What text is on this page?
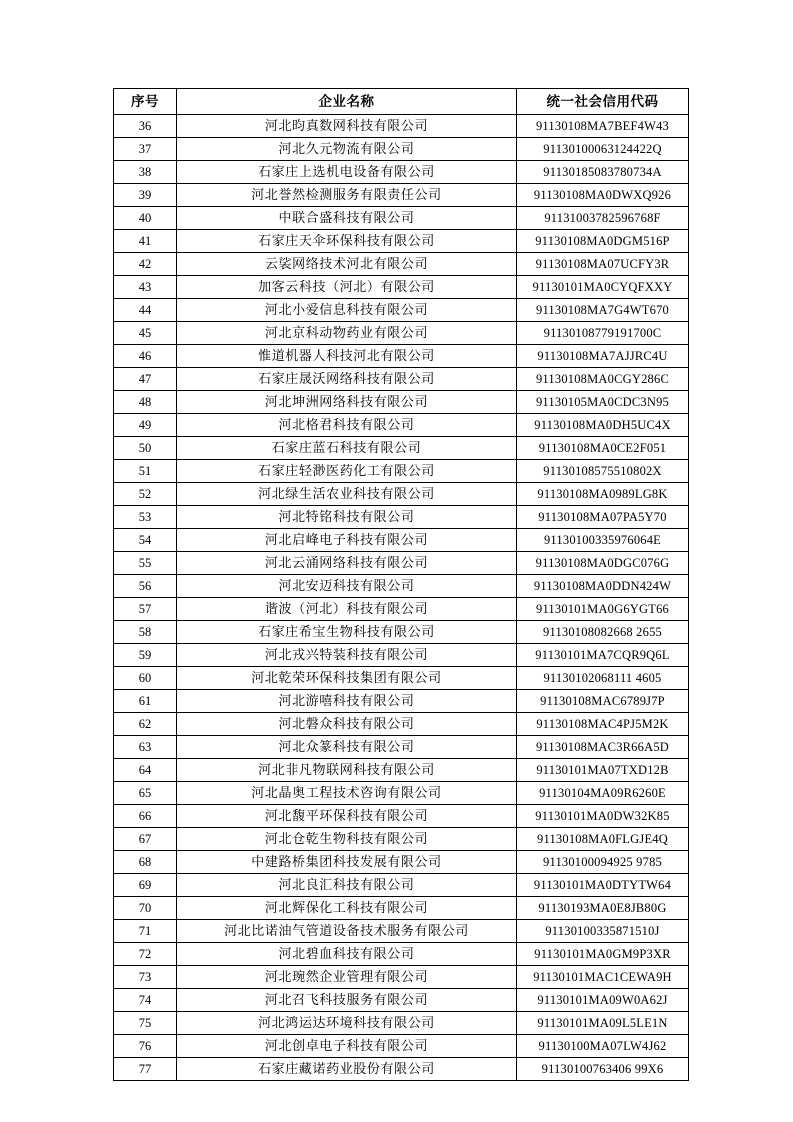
序号	企业名称	统一社会信用代码
36	河北昀真数网科技有限公司	91130108MA7BEF4W43
37	河北久元物流有限公司	91130100063124422Q
38	石家庄上选机电设备有限公司	91130185083780734A
39	河北誉然检测服务有限责任公司	91130108MA0DWXQ926
40	中联合盛科技有限公司	91131003782596768F
41	石家庄天伞环保科技有限公司	91130108MA0DGM516P
42	云裟网络技术河北有限公司	91130108MA07UCFY3R
43	加客云科技（河北）有限公司	91130101MA0CYQFXXY
44	河北小爱信息科技有限公司	91130108MA7G4WT670
45	河北京科动物药业有限公司	91130108779191700C
46	惟道机器人科技河北有限公司	91130108MA7AJJRC4U
47	石家庄晟沃网络科技有限公司	91130108MA0CGY286C
48	河北坤洲网络科技有限公司	91130105MA0CDC3N95
49	河北格君科技有限公司	91130108MA0DH5UC4X
50	石家庄蓝石科技有限公司	91130108MA0CE2F051
51	石家庄轻渺医药化工有限公司	91130108575510802X
52	河北绿生活农业科技有限公司	91130108MA0989LG8K
53	河北特铭科技有限公司	91130108MA07PA5Y70
54	河北启峰电子科技有限公司	91130100335976064E
55	河北云涌网络科技有限公司	91130108MA0DGC076G
56	河北安迈科技有限公司	91130108MA0DDN424W
57	谐波（河北）科技有限公司	91130101MA0G6YGT66
58	石家庄希宝生物科技有限公司	91130108082668 2655
59	河北戎兴特装科技有限公司	91130101MA7CQR9Q6L
60	河北乾荣环保科技集团有限公司	91130102068111 4605
61	河北游嘻科技有限公司	91130108MAC6789J7P
62	河北磐众科技有限公司	91130108MAC4PJ5M2K
63	河北众篆科技有限公司	91130108MAC3R66A5D
64	河北非凡物联网科技有限公司	91130101MA07TXD12B
65	河北晶奥工程技术咨询有限公司	91130104MA09R6260E
66	河北馥平环保科技有限公司	91130101MA0DW32K85
67	河北仓乾生物科技有限公司	91130108MA0FLGJE4Q
68	中建路桥集团科技发展有限公司	91130100094925 9785
69	河北良汇科技有限公司	91130101MA0DTYTW64
70	河北辉保化工科技有限公司	91130193MA0E8JB80G
71	河北比诺油气管道设备技术服务有限公司	91130100335871510J
72	河北碧血科技有限公司	91130101MA0GM9P3XR
73	河北琬然企业管理有限公司	91130101MAC1CEWA9H
74	河北召飞科技服务有限公司	91130101MA09W0A62J
75	河北鸿运达环境科技有限公司	91130101MA09L5LE1N
76	河北创卓电子科技有限公司	91130100MA07LW4J62
77	石家庄藏诺药业股份有限公司	91130100763406 99X6
